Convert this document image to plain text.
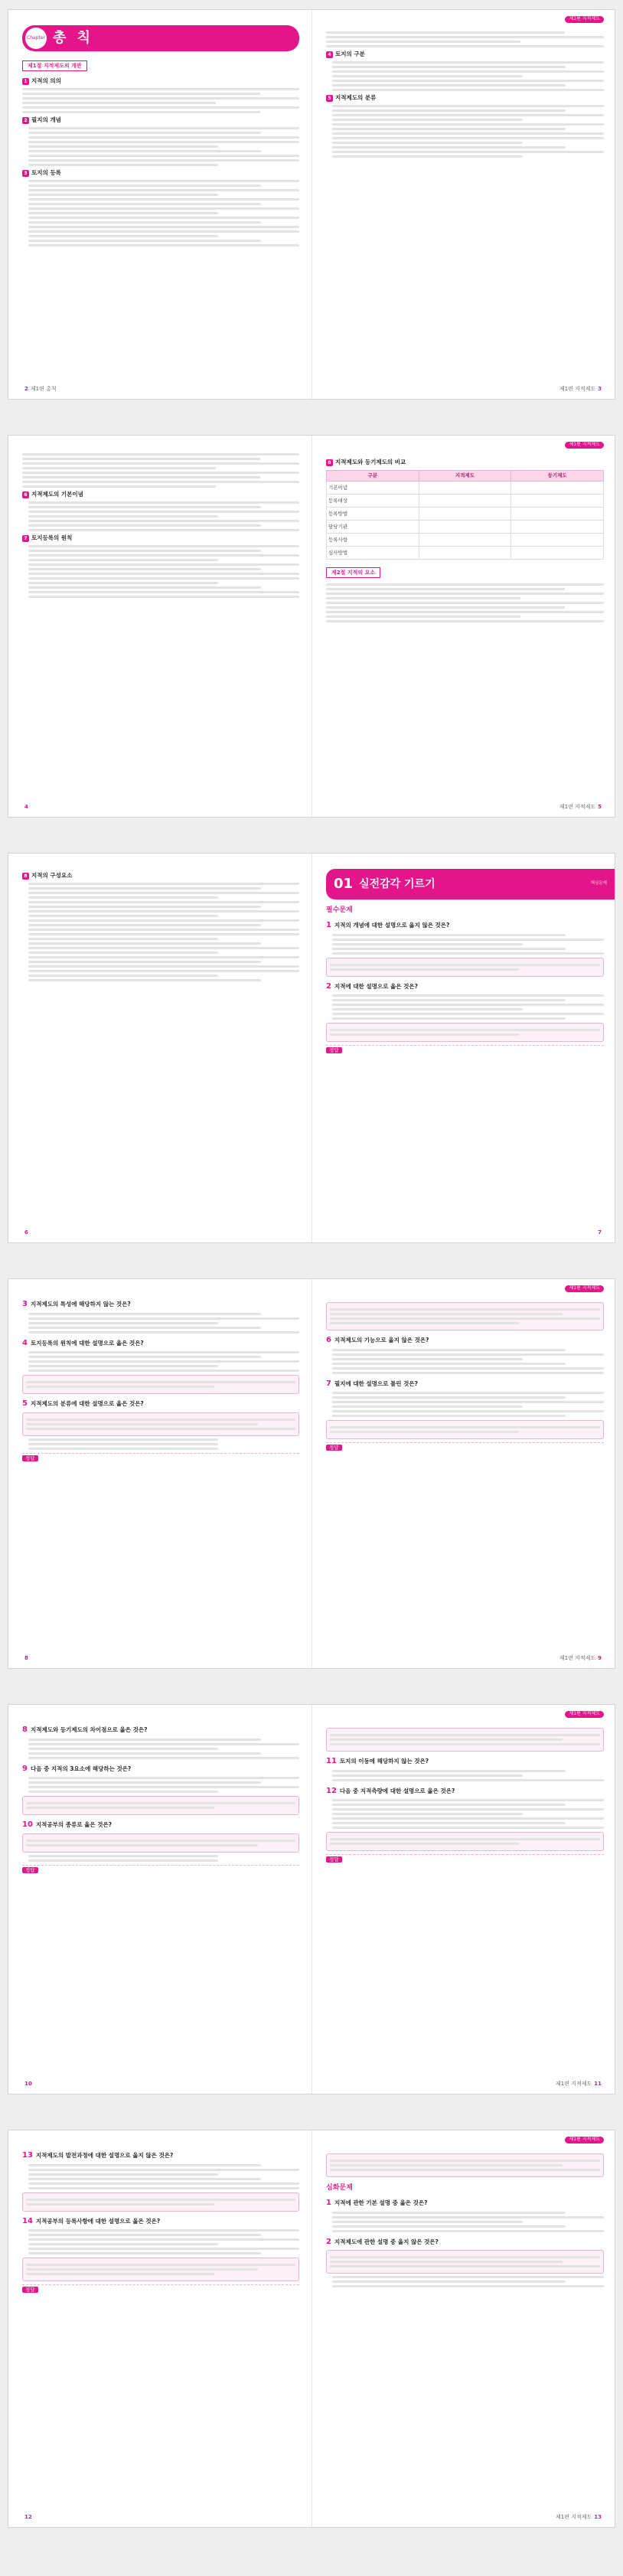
Chapter 총 칙
제1절 지적제도의 개관
1 지적의 의의
2 필지의 개념
3 토지의 등록
2 제1편 총칙
제1편 지적제도
4 토지의 구분
5 지적제도의 분류
제1편 지적제도 3
6 지적제도의 기본이념
7 토지등록의 원칙
4
제1편 지적제도
8 지적제도와 등기제도의 비교
구분	지적제도	등기제도
기본이념		
등록대상		
등록방법		
담당기관		
등록사항		
심사방법		
제2절 지적의 요소
제1편 지적제도 5
8 지적의 구성요소
6
01 실전감각 기르기	핵심문제
필수문제
1 지적의 개념에 대한 설명으로 옳지 않은 것은?
2 지적에 대한 설명으로 옳은 것은?
정답
7
3 지적제도의 특성에 해당하지 않는 것은?
4 토지등록의 원칙에 대한 설명으로 옳은 것은?
5 지적제도의 분류에 대한 설명으로 옳은 것은?
정답
8
제1편 지적제도
6 지적제도의 기능으로 옳지 않은 것은?
7 필지에 대한 설명으로 틀린 것은?
정답
제1편 지적제도 9
8 지적제도와 등기제도의 차이점으로 옳은 것은?
9 다음 중 지적의 3요소에 해당하는 것은?
10 지적공부의 종류로 옳은 것은?
정답
10
제1편 지적제도
11 토지의 이동에 해당하지 않는 것은?
12 다음 중 지적측량에 대한 설명으로 옳은 것은?
정답
제1편 지적제도 11
13 지적제도의 발전과정에 대한 설명으로 옳지 않은 것은?
14 지적공부의 등록사항에 대한 설명으로 옳은 것은?
정답
12
제1편 지적제도
심화문제
1 지적에 관한 기본 설명 중 옳은 것은?
2 지적제도에 관한 설명 중 옳지 않은 것은?
제1편 지적제도 13
